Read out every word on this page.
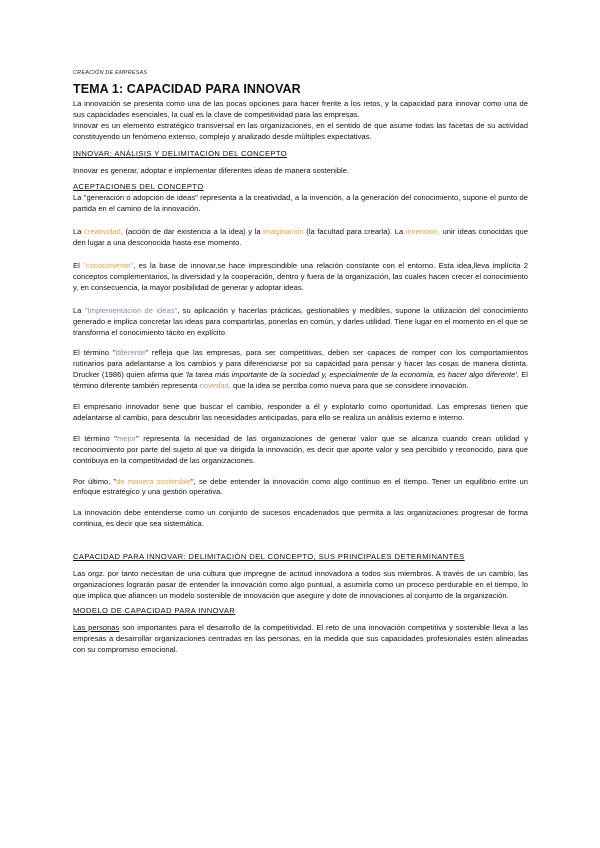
CREACIÓN DE EMPRESAS
TEMA 1: CAPACIDAD PARA INNOVAR

La innovación se presenta como una de las pocas opciones para hacer frente a los retos, y la capacidad para innovar como una de sus capacidades esenciales, la cual es la clave de competitividad para las empresas.

Innovar es un elemento estratégico transversal en las organizaciones, en el sentido de que asume todas las facetas de su actividad constituyendo un fenómeno extenso, complejo y analizado desde múltiples expectativas.

INNOVAR: ANÁLISIS Y DELIMITACIÓN DEL CONCEPTO

Innovar es generar, adoptar e implementar diferentes ideas de manera sostenible.

ACEPTACIONES DEL CONCEPTO

La "generación o adopción de ideas" representa a la creatividad, a la invención, a la generación del conocimiento, supone el punto de partida en el camino de la innovación.

La creatividad, (acción de dar existencia a la idea) y la imaginación (la facultad para crearla). La invención, unir ideas conocidas que den lugar a una desconocida hasta ese momento.

El "conocimiento", es la base de innovar,se hace imprescindible una relación constante con el entorno. Esta idea,lleva implícita 2 conceptos complementarios, la diversidad y la cooperación, dentro y fuera de la organización, las cuales hacen crecer el conocimiento y, en consecuencia, la mayor posibilidad de generar y adoptar ideas.

La "Implementación de ideas", su aplicación y hacerlas prácticas, gestionables y medibles, supone la utilización del conocimiento generado e implica concretar las ideas para compartirlas, ponerlas en común, y darles utilidad. Tiene lugar en el momento en el que se transforma el conocimiento tácito en explícito.

El término "diferente" refleja que las empresas, para ser competitivas, deben ser capaces de romper con los comportamientos rutinarios para adelantarse a los cambios y para diferenciarse por su capacidad para pensar y hacer las cosas de manera distinta. Drucker (1986) quien afirma que 'la tarea más importante de la sociedad y, especialmente de la economía, es hacer algo diferente'. El término diferente también representa novedad, que la idea se perciba como nueva para que se considere innovación.

El empresario innovador tiene que buscar el cambio, responder a él y explotarlo como oportunidad. Las empresas tienen que adelantarse al cambio, para descubrir las necesidades anticipadas, para ello se realiza un análisis externo e interno.

El término "mejor" representa la necesidad de las organizaciones de generar valor que se alcanza cuando crean utilidad y reconocimiento por parte del sujeto al que va dirigida la innovación, es decir que aporte valor y sea percibido y reconocido, para que contribuya en la competitividad de las organizaciones.

Por último, "de manera sostenible", se debe entender la innovación como algo continuo en el tiempo. Tener un equilibrio entre un enfoque estratégico y una gestión operativa.

La innovación debe entenderse como un conjunto de sucesos encadenados que permita a las organizaciones progresar de forma continua, es decir que sea sistemática.

CAPACIDAD PARA INNOVAR: DELIMITACIÓN DEL CONCEPTO, SUS PRINCIPALES DETERMINANTES

Las orgz. por tanto necesitan de una cultura que impregne de actitud innovadora a todos sus miembros. A través de un cambio, las organizaciones lograrán pasar de entender la innovación como algo puntual, a asumirla como un proceso perdurable en el tiempo, lo que implica que afiancen un modelo sostenible de innovación que asegure y dote de innovaciones al conjunto de la organización.

MODELO DE CAPACIDAD PARA INNOVAR

Las personas son importantes para el desarrollo de la competitividad. El reto de una innovación competitiva y sostenible lleva a las empresas a desarrollar organizaciones centradas en las personas, en la medida que sus capacidades profesionales estén alineadas con su compromiso emocional.
